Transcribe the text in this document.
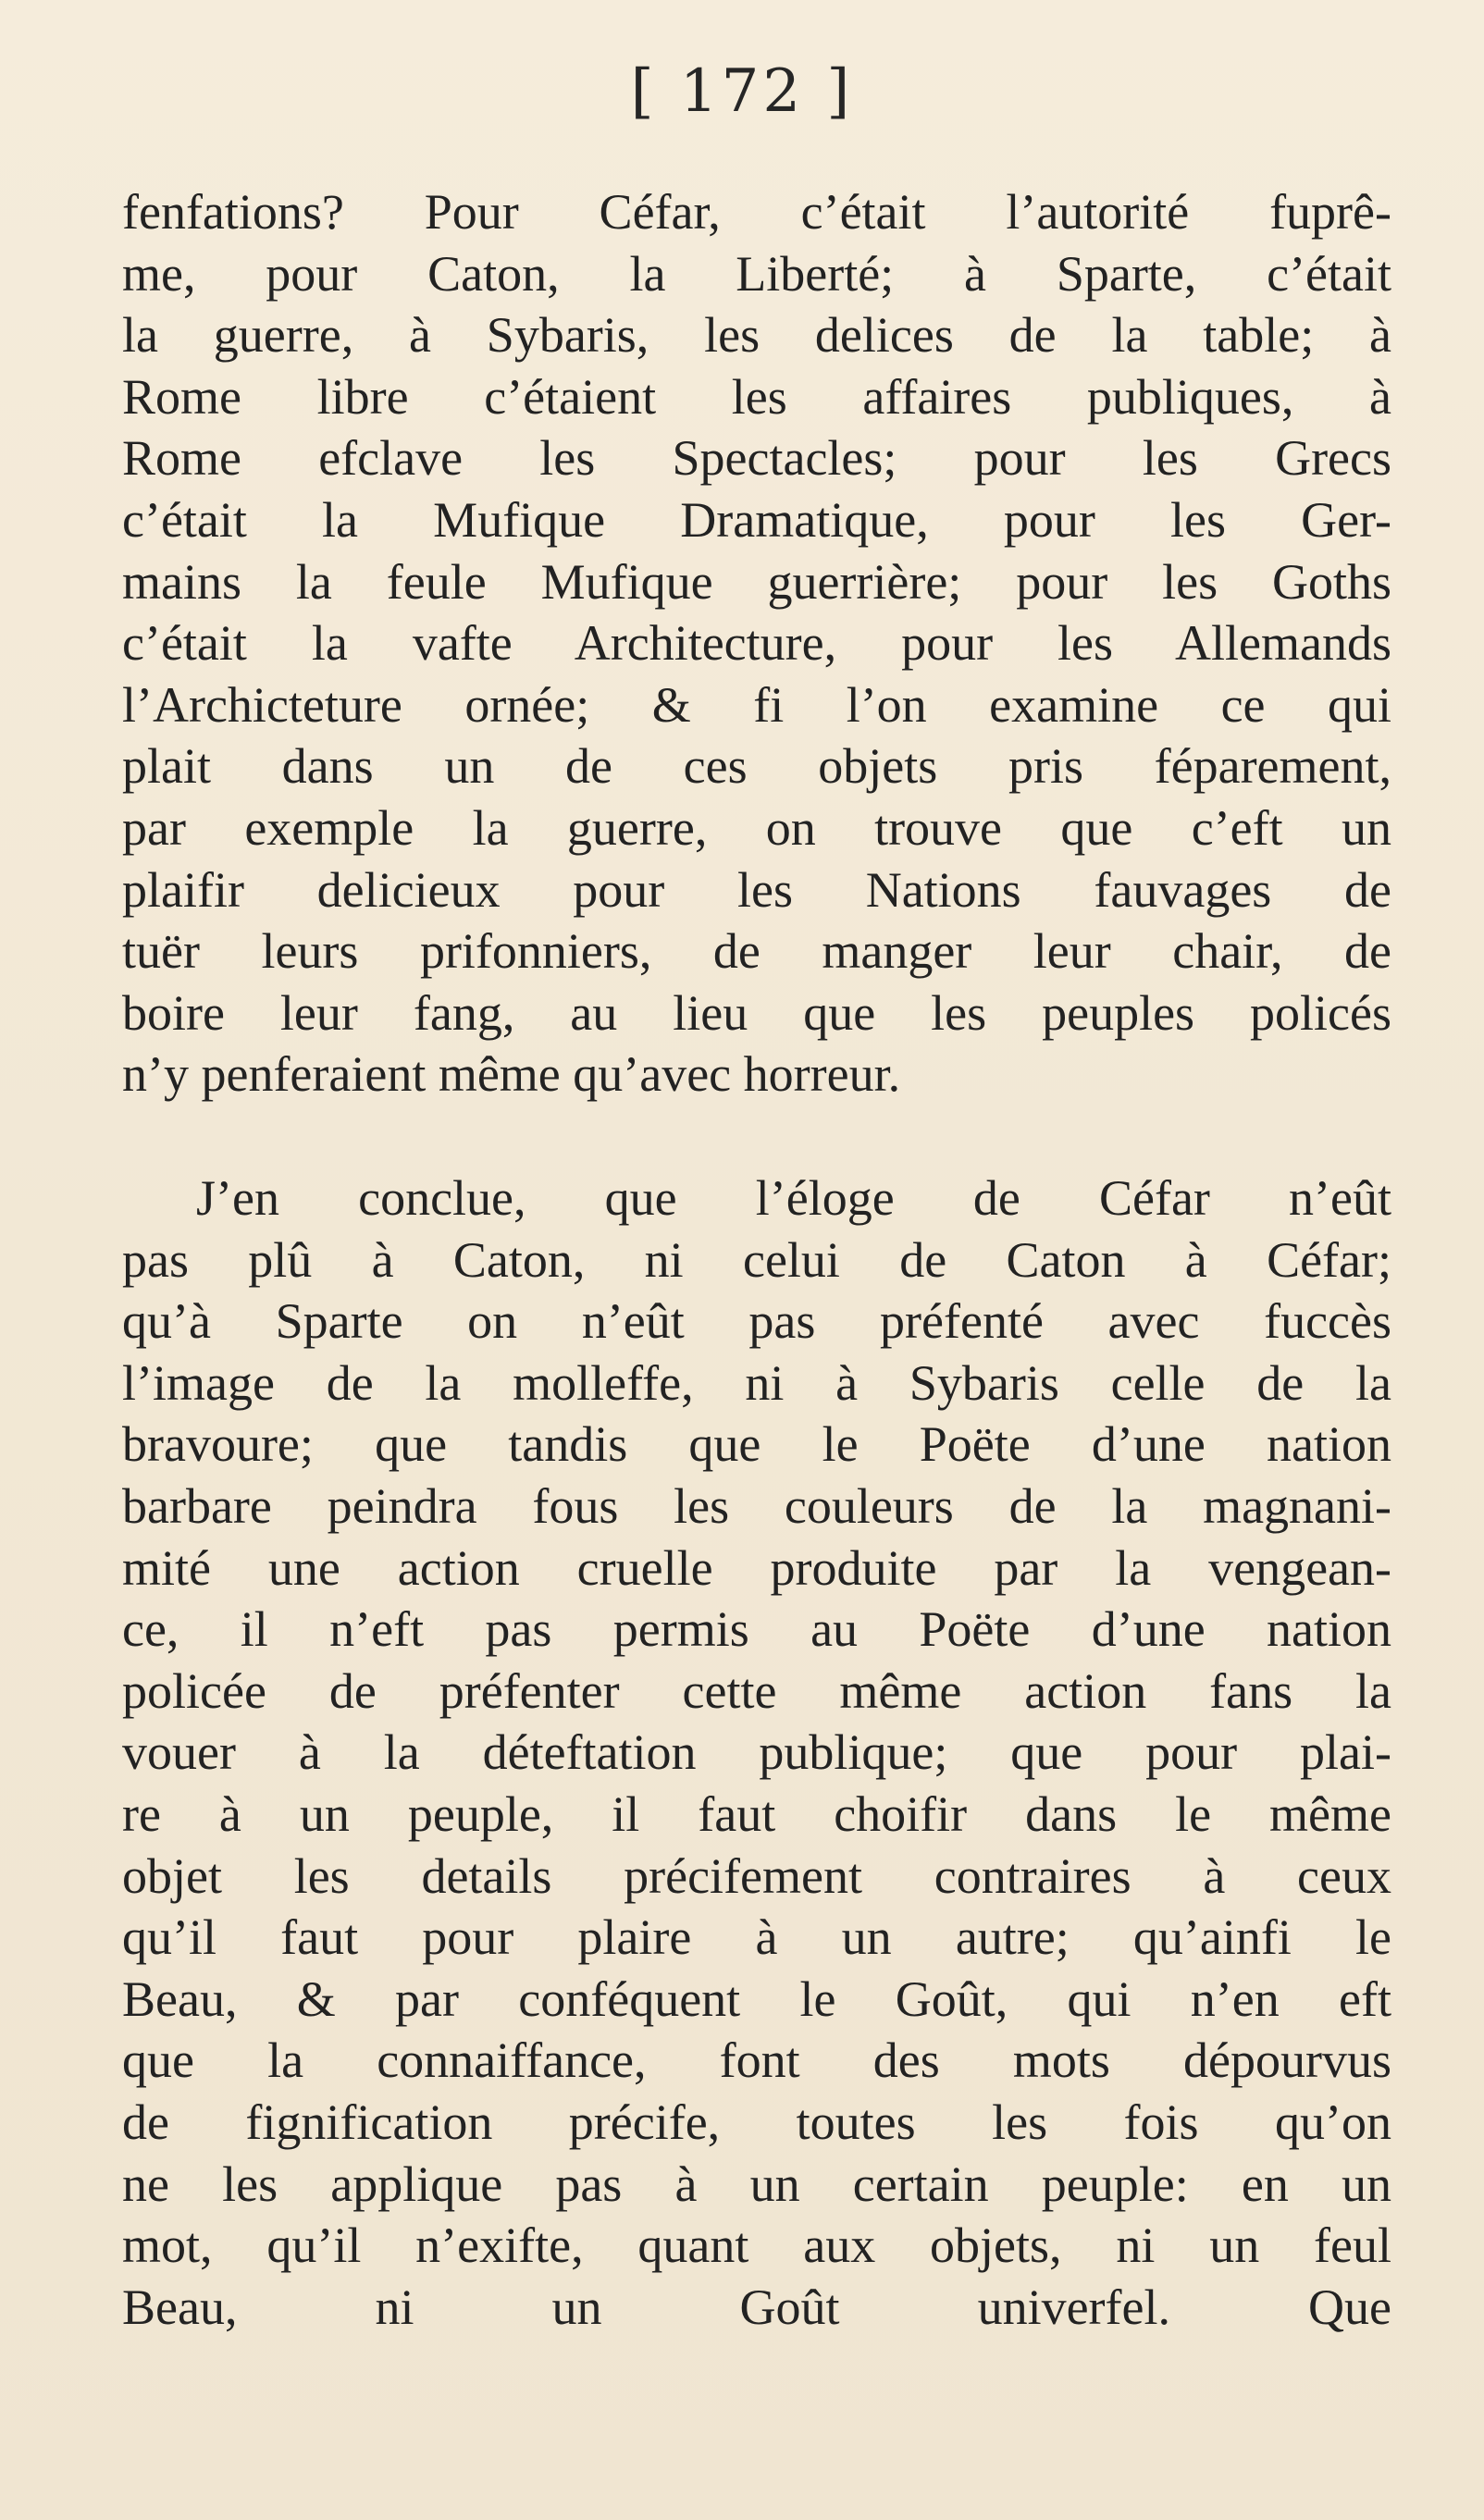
[ 172 ]
fenfations? Pour Céfar, c’était l’autorité fuprê-
me, pour Caton, la Liberté; à Sparte, c’était
la guerre, à Sybaris, les delices de la table; à
Rome libre c’étaient les affaires publiques, à
Rome efclave les Spectacles; pour les Grecs
c’était la Mufique Dramatique, pour les Ger-
mains la feule Mufique guerrière; pour les Goths
c’était la vafte Architecture, pour les Allemands
l’Archicteture ornée; & fi l’on examine ce qui
plait dans un de ces objets pris féparement,
par exemple la guerre, on trouve que c’eft un
plaifir delicieux pour les Nations fauvages de
tuër leurs prifonniers, de manger leur chair, de
boire leur fang, au lieu que les peuples policés
n’y penferaient même qu’avec horreur.
J’en conclue, que l’éloge de Céfar n’eût
pas plû à Caton, ni celui de Caton à Céfar;
qu’à Sparte on n’eût pas préfenté avec fuccès
l’image de la molleffe, ni à Sybaris celle de la
bravoure; que tandis que le Poëte d’une nation
barbare peindra fous les couleurs de la magnani-
mité une action cruelle produite par la vengean-
ce, il n’eft pas permis au Poëte d’une nation
policée de préfenter cette même action fans la
vouer à la déteftation publique; que pour plai-
re à un peuple, il faut choifir dans le même
objet les details précifement contraires à ceux
qu’il faut pour plaire à un autre; qu’ainfi le
Beau, & par conféquent le Goût, qui n’en eft
que la connaiffance, font des mots dépourvus
de fignification précife, toutes les fois qu’on
ne les applique pas à un certain peuple: en un
mot, qu’il n’exifte, quant aux objets, ni un feul
Beau, ni un Goût univerfel.	Que
